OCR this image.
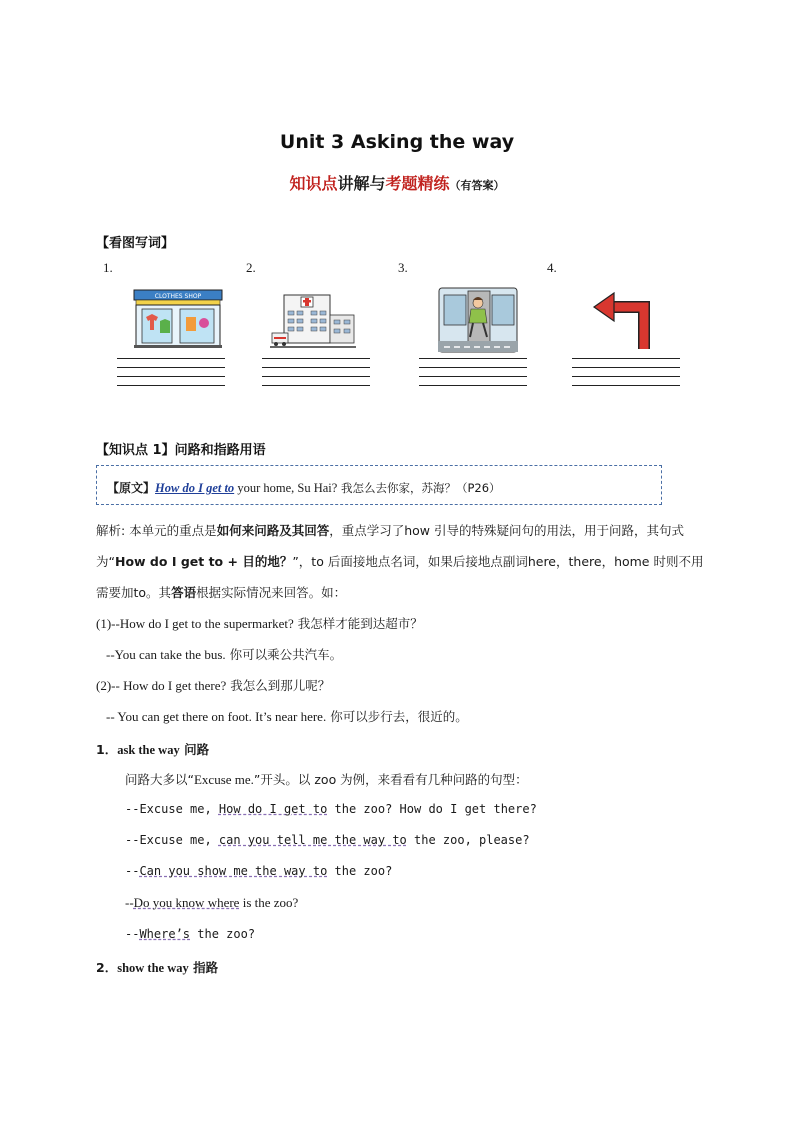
Unit 3 Asking the way
知识点讲解与考题精练（有答案）
【看图写词】
1.	2.	3.	4.
CLOTHES SHOP
【知识点 1】问路和指路用语
【原文】How do I get to your home, Su Hai? 我怎么去你家，苏海？（P26）
解析: 本单元的重点是如何来问路及其回答，重点学习了how 引导的特殊疑问句的用法，用于问路，其句式为“How do I get to + 目的地？”，to 后面接地点名词，如果后接地点副词here，there，home 时则不用需要加to。其答语根据实际情况来回答。如：
(1)--How do I get to the supermarket? 我怎样才能到达超市？
--You can take the bus. 你可以乘公共汽车。
(2)-- How do I get there? 我怎么到那儿呢？
-- You can get there on foot. It’s near here. 你可以步行去，很近的。
1．ask the way 问路
问路大多以“Excuse me.”开头。以 zoo 为例，来看看有几种问路的句型：
--Excuse me, How do I get to the zoo? How do I get there?
--Excuse me, can you tell me the way to the zoo, please?
--Can you show me the way to the zoo?
--Do you know where is the zoo?
--Where’s the zoo?
2．show the way 指路
